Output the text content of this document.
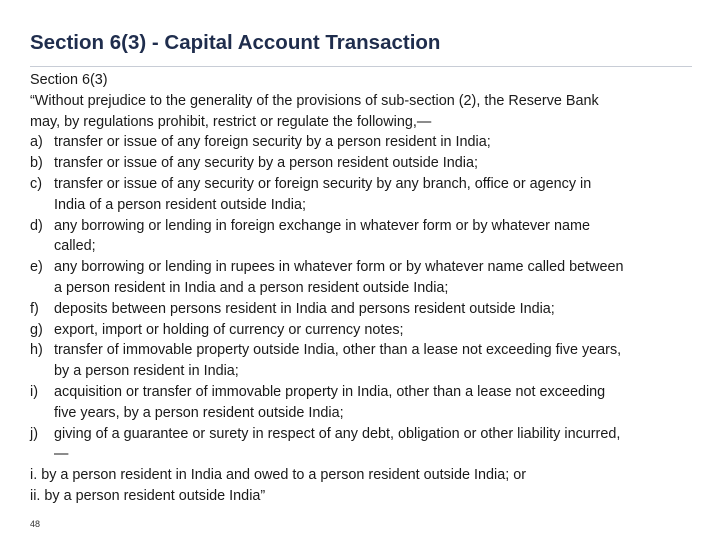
Section 6(3) - Capital Account Transaction
Section 6(3)
“Without prejudice to the generality of the provisions of sub-section (2), the Reserve Bank
may, by regulations prohibit, restrict or regulate the following,—
a) transfer or issue of any foreign security by a person resident in India;
b) transfer or issue of any security by a person resident outside India;
c) transfer or issue of any security or foreign security by any branch, office or agency in
India of a person resident outside India;
d) any borrowing or lending in foreign exchange in whatever form or by whatever name
called;
e) any borrowing or lending in rupees in whatever form or by whatever name called between
a person resident in India and a person resident outside India;
f)	deposits between persons resident in India and persons resident outside India;
g) export, import or holding of currency or currency notes;
h) transfer of immovable property outside India, other than a lease not exceeding five years,
by a person resident in India;
i)	acquisition or transfer of immovable property in India, other than a lease not exceeding
five years, by a person resident outside India;
j)	giving of a guarantee or surety in respect of any debt, obligation or other liability incurred,
—
i. by a person resident in India and owed to a person resident outside India; or
ii. by a person resident outside India”
48
